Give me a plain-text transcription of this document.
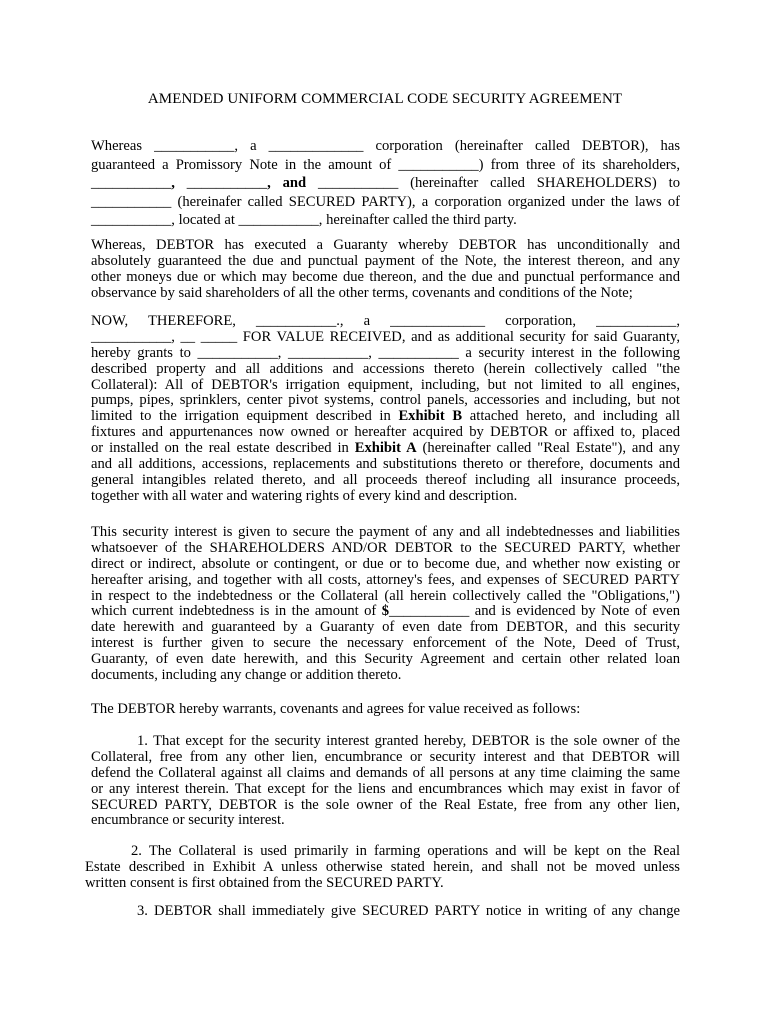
AMENDED UNIFORM COMMERCIAL CODE SECURITY AGREEMENT
Whereas ___________, a _____________ corporation (hereinafter called DEBTOR), has
guaranteed a Promissory Note in the amount of ___________) from three of its shareholders,
___________, ___________, and ___________ (hereinafter called SHAREHOLDERS) to
___________ (hereinafer called SECURED PARTY), a corporation organized under the laws of
___________, located at ___________, hereinafter called the third party.
Whereas, DEBTOR has executed a Guaranty whereby DEBTOR has unconditionally and
absolutely guaranteed the due and punctual payment of the Note, the interest thereon, and any
other moneys due or which may become due thereon, and the due and punctual performance and
observance by said shareholders of all the other terms, covenants and conditions of the Note;
NOW, THEREFORE, ___________., a _____________ corporation, ___________,
___________, __ _____ FOR VALUE RECEIVED, and as additional security for said Guaranty,
hereby grants to ___________, ___________, ___________ a security interest in the following
described property and all additions and accessions thereto (herein collectively called "the
Collateral): All of DEBTOR's irrigation equipment, including, but not limited to all engines,
pumps, pipes, sprinklers, center pivot systems, control panels, accessories and including, but not
limited to the irrigation equipment described in Exhibit B attached hereto, and including all
fixtures and appurtenances now owned or hereafter acquired by DEBTOR or affixed to, placed
or installed on the real estate described in Exhibit A (hereinafter called "Real Estate"), and any
and all additions, accessions, replacements and substitutions thereto or therefore, documents and
general intangibles related thereto, and all proceeds thereof including all insurance proceeds,
together with all water and watering rights of every kind and description.
This security interest is given to secure the payment of any and all indebtednesses and liabilities
whatsoever of the SHAREHOLDERS AND/OR DEBTOR to the SECURED PARTY, whether
direct or indirect, absolute or contingent, or due or to become due, and whether now existing or
hereafter arising, and together with all costs, attorney's fees, and expenses of SECURED PARTY
in respect to the indebtedness or the Collateral (all herein collectively called the "Obligations,")
which current indebtedness is in the amount of $___________ and is evidenced by Note of even
date herewith and guaranteed by a Guaranty of even date from DEBTOR, and this security
interest is further given to secure the necessary enforcement of the Note, Deed of Trust,
Guaranty, of even date herewith, and this Security Agreement and certain other related loan
documents, including any change or addition thereto.
The DEBTOR hereby warrants, covenants and agrees for value received as follows:
1. That except for the security interest granted hereby, DEBTOR is the sole owner of the
Collateral, free from any other lien, encumbrance or security interest and that DEBTOR will
defend the Collateral against all claims and demands of all persons at any time claiming the same
or any interest therein. That except for the liens and encumbrances which may exist in favor of
SECURED PARTY, DEBTOR is the sole owner of the Real Estate, free from any other lien,
encumbrance or security interest.
2. The Collateral is used primarily in farming operations and will be kept on the Real
Estate described in Exhibit A unless otherwise stated herein, and shall not be moved unless
written consent is first obtained from the SECURED PARTY.
3. DEBTOR shall immediately give SECURED PARTY notice in writing of any change
